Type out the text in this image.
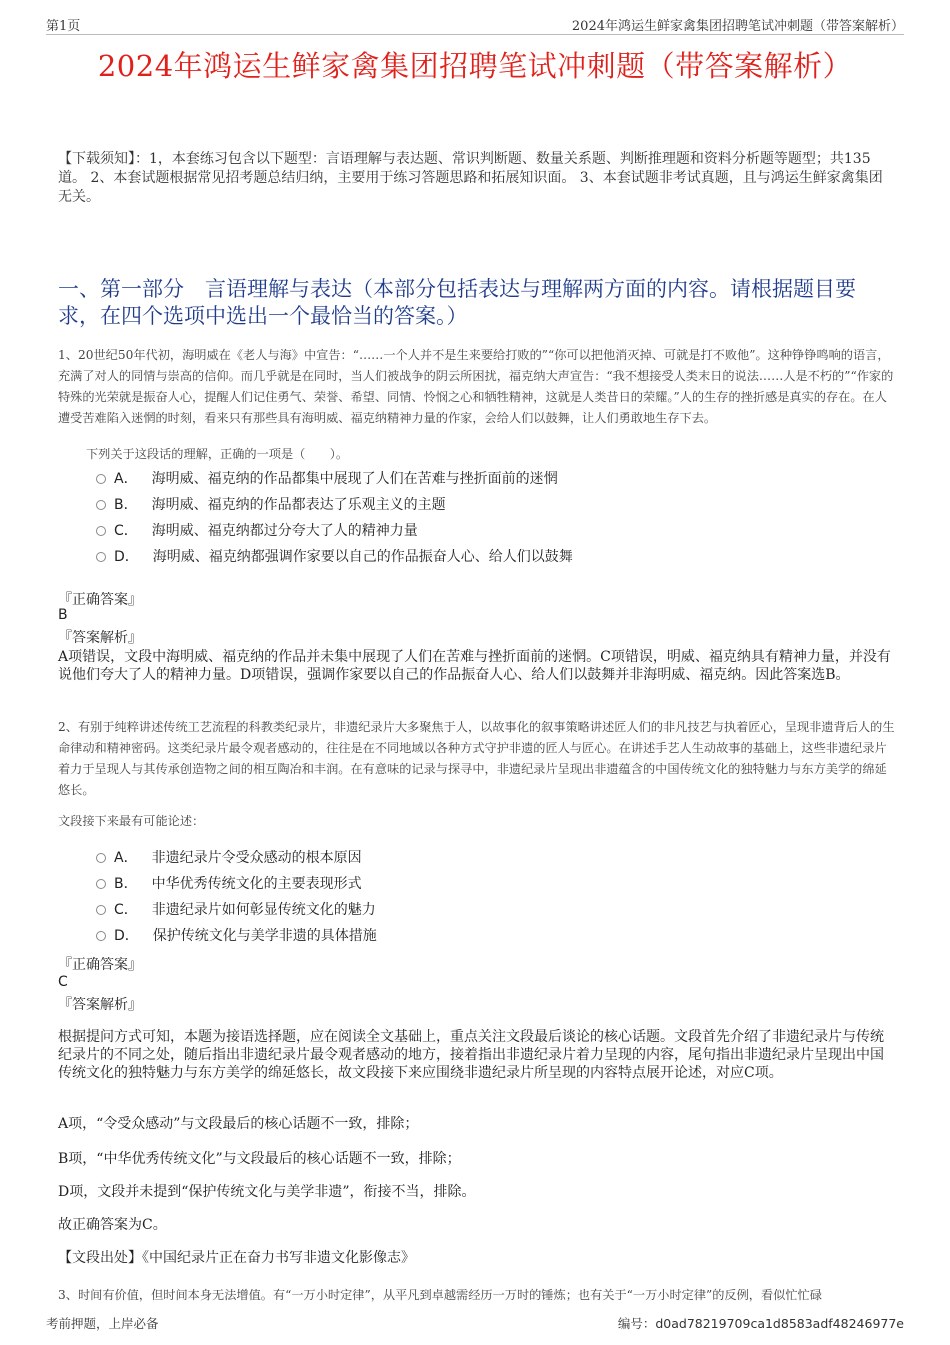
第1页	2024年鸿运生鲜家禽集团招聘笔试冲刺题（带答案解析）
2024年鸿运生鲜家禽集团招聘笔试冲刺题（带答案解析）
【下载须知】：1，本套练习包含以下题型：言语理解与表达题、常识判断题、数量关系题、判断推理题和资料分析题等题型；共135道。 2、本套试题根据常见招考题总结归纳，主要用于练习答题思路和拓展知识面。 3、本套试题非考试真题，且与鸿运生鲜家禽集团无关。
一、第一部分　言语理解与表达（本部分包括表达与理解两方面的内容。请根据题目要求，在四个选项中选出一个最恰当的答案。）
1、20世纪50年代初，海明威在《老人与海》中宣告：“……一个人并不是生来要给打败的”“你可以把他消灭掉、可就是打不败他”。这种铮铮鸣响的语言，充满了对人的同情与崇高的信仰。而几乎就是在同时，当人们被战争的阴云所困扰，福克纳大声宣告：“我不想接受人类末日的说法……人是不朽的”“作家的特殊的光荣就是振奋人心，提醒人们记住勇气、荣誉、希望、同情、怜悯之心和牺牲精神，这就是人类昔日的荣耀。”人的生存的挫折感是真实的存在。在人遭受苦难陷入迷惘的时刻，看来只有那些具有海明威、福克纳精神力量的作家，会给人们以鼓舞，让人们勇敢地生存下去。
下列关于这段话的理解，正确的一项是（　　）。
A． 海明威、福克纳的作品都集中展现了人们在苦难与挫折面前的迷惘
B． 海明威、福克纳的作品都表达了乐观主义的主题
C． 海明威、福克纳都过分夸大了人的精神力量
D． 海明威、福克纳都强调作家要以自己的作品振奋人心、给人们以鼓舞
『正确答案』
B
『答案解析』
A项错误，文段中海明威、福克纳的作品并未集中展现了人们在苦难与挫折面前的迷惘。C项错误，明威、福克纳具有精神力量，并没有说他们夸大了人的精神力量。D项错误，强调作家要以自己的作品振奋人心、给人们以鼓舞并非海明威、福克纳。因此答案选B。
2、有别于纯粹讲述传统工艺流程的科教类纪录片，非遗纪录片大多聚焦于人，以故事化的叙事策略讲述匠人们的非凡技艺与执着匠心，呈现非遗背后人的生命律动和精神密码。这类纪录片最令观者感动的，往往是在不同地域以各种方式守护非遗的匠人与匠心。在讲述手艺人生动故事的基础上，这些非遗纪录片着力于呈现人与其传承创造物之间的相互陶冶和丰润。在有意味的记录与探寻中，非遗纪录片呈现出非遗蕴含的中国传统文化的独特魅力与东方美学的绵延悠长。
文段接下来最有可能论述：
A． 非遗纪录片令受众感动的根本原因
B． 中华优秀传统文化的主要表现形式
C． 非遗纪录片如何彰显传统文化的魅力
D． 保护传统文化与美学非遗的具体措施
『正确答案』
C
『答案解析』
根据提问方式可知，本题为接语选择题，应在阅读全文基础上，重点关注文段最后谈论的核心话题。文段首先介绍了非遗纪录片与传统纪录片的不同之处，随后指出非遗纪录片最令观者感动的地方，接着指出非遗纪录片着力呈现的内容，尾句指出非遗纪录片呈现出中国传统文化的独特魅力与东方美学的绵延悠长，故文段接下来应围绕非遗纪录片所呈现的内容特点展开论述，对应C项。
A项，“令受众感动”与文段最后的核心话题不一致，排除；
B项，“中华优秀传统文化”与文段最后的核心话题不一致，排除；
D项，文段并未提到“保护传统文化与美学非遗”，衔接不当，排除。
故正确答案为C。
【文段出处】《中国纪录片正在奋力书写非遗文化影像志》
3、时间有价值，但时间本身无法增值。有“一万小时定律”，从平凡到卓越需经历一万时的锤炼；也有关于“一万小时定律”的反例，看似忙忙碌
考前押题，上岸必备	编号：d0ad78219709ca1d8583adf48246977e
